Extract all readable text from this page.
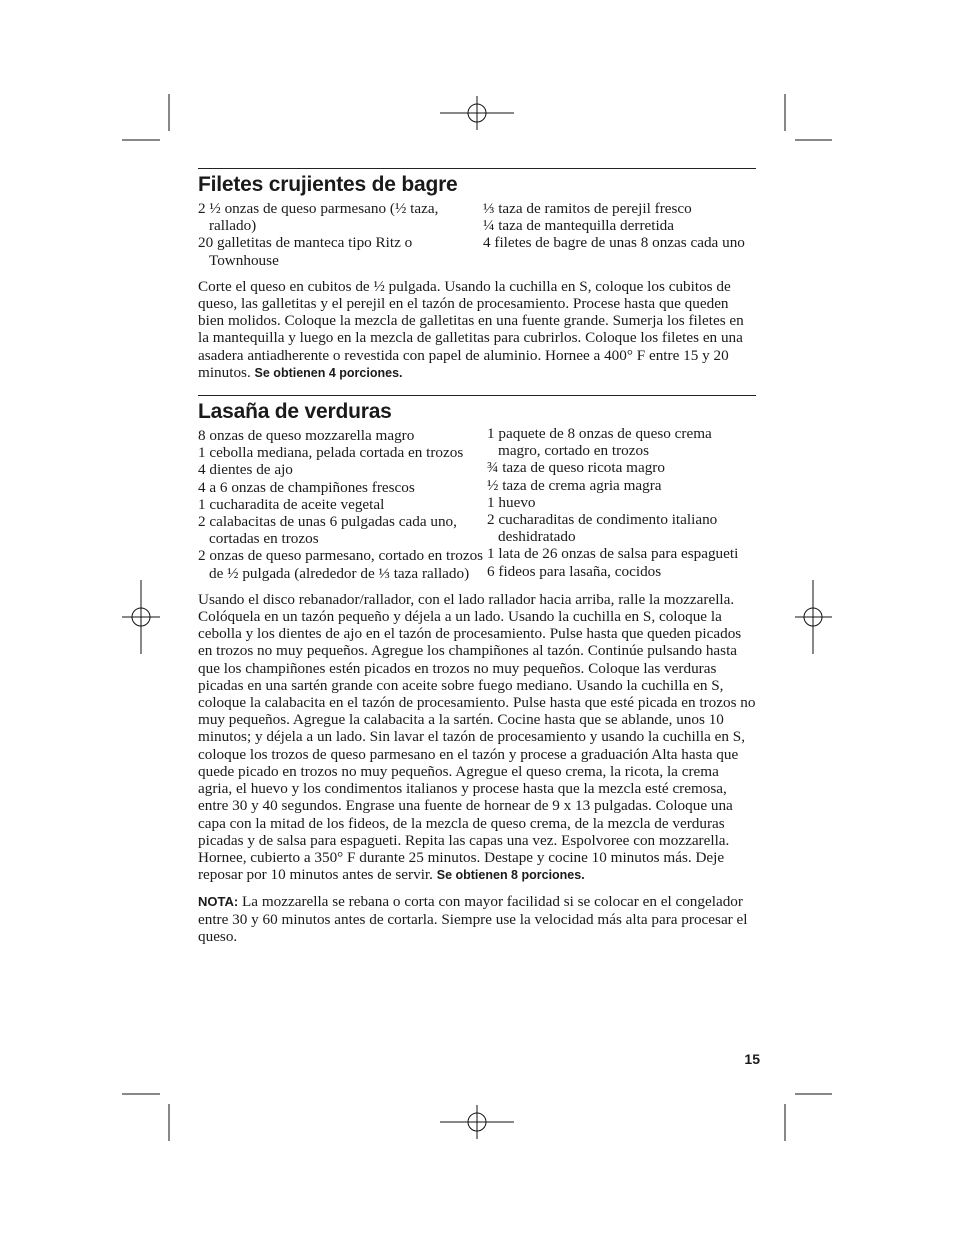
Filetes crujientes de bagre
2 ½ onzas de queso parmesano (½ taza, rallado)
20 galletitas de manteca tipo Ritz o Townhouse
⅓ taza de ramitos de perejil fresco
¼ taza de mantequilla derretida
4 filetes de bagre de unas 8 onzas cada uno

Corte el queso en cubitos de ½ pulgada. Usando la cuchilla en S, coloque los cubitos de queso, las galletitas y el perejil en el tazón de procesamiento. Procese hasta que queden bien molidos. Coloque la mezcla de galletitas en una fuente grande. Sumerja los filetes en la mantequilla y luego en la mezcla de galletitas para cubrirlos. Coloque los filetes en una asadera antiadherente o revestida con papel de aluminio. Hornee a 400° F entre 15 y 20 minutos. Se obtienen 4 porciones.

Lasaña de verduras
8 onzas de queso mozzarella magro
1 cebolla mediana, pelada cortada en trozos
4 dientes de ajo
4 a 6 onzas de champiñones frescos
1 cucharadita de aceite vegetal
2 calabacitas de unas 6 pulgadas cada uno, cortadas en trozos
2 onzas de queso parmesano, cortado en trozos de ½ pulgada (alrededor de ⅓ taza rallado)
1 paquete de 8 onzas de queso crema magro, cortado en trozos
¾ taza de queso ricota magro
½ taza de crema agria magra
1 huevo
2 cucharaditas de condimento italiano deshidratado
1 lata de 26 onzas de salsa para espagueti
6 fideos para lasaña, cocidos

Usando el disco rebanador/rallador, con el lado rallador hacia arriba, ralle la mozzarella. Colóquela en un tazón pequeño y déjela a un lado. Usando la cuchilla en S, coloque la cebolla y los dientes de ajo en el tazón de procesamiento. Pulse hasta que queden picados en trozos no muy pequeños. Agregue los champiñones al tazón. Continúe pulsando hasta que los champiñones estén picados en trozos no muy pequeños. Coloque las verduras picadas en una sartén grande con aceite sobre fuego mediano. Usando la cuchilla en S, coloque la calabacita en el tazón de procesamiento. Pulse hasta que esté picada en trozos no muy pequeños. Agregue la calabacita a la sartén. Cocine hasta que se ablande, unos 10 minutos; y déjela a un lado. Sin lavar el tazón de procesamiento y usando la cuchilla en S, coloque los trozos de queso parmesano en el tazón y procese a graduación Alta hasta que quede picado en trozos no muy pequeños. Agregue el queso crema, la ricota, la crema agria, el huevo y los condimentos italianos y procese hasta que la mezcla esté cremosa, entre 30 y 40 segundos. Engrase una fuente de hornear de 9 x 13 pulgadas. Coloque una capa con la mitad de los fideos, de la mezcla de queso crema, de la mezcla de verduras picadas y de salsa para espagueti. Repita las capas una vez. Espolvoree con mozzarella. Hornee, cubierto a 350° F durante 25 minutos. Destape y cocine 10 minutos más. Deje reposar por 10 minutos antes de servir. Se obtienen 8 porciones.

NOTA: La mozzarella se rebana o corta con mayor facilidad si se colocar en el congelador entre 30 y 60 minutos antes de cortarla. Siempre use la velocidad más alta para procesar el queso.

15
